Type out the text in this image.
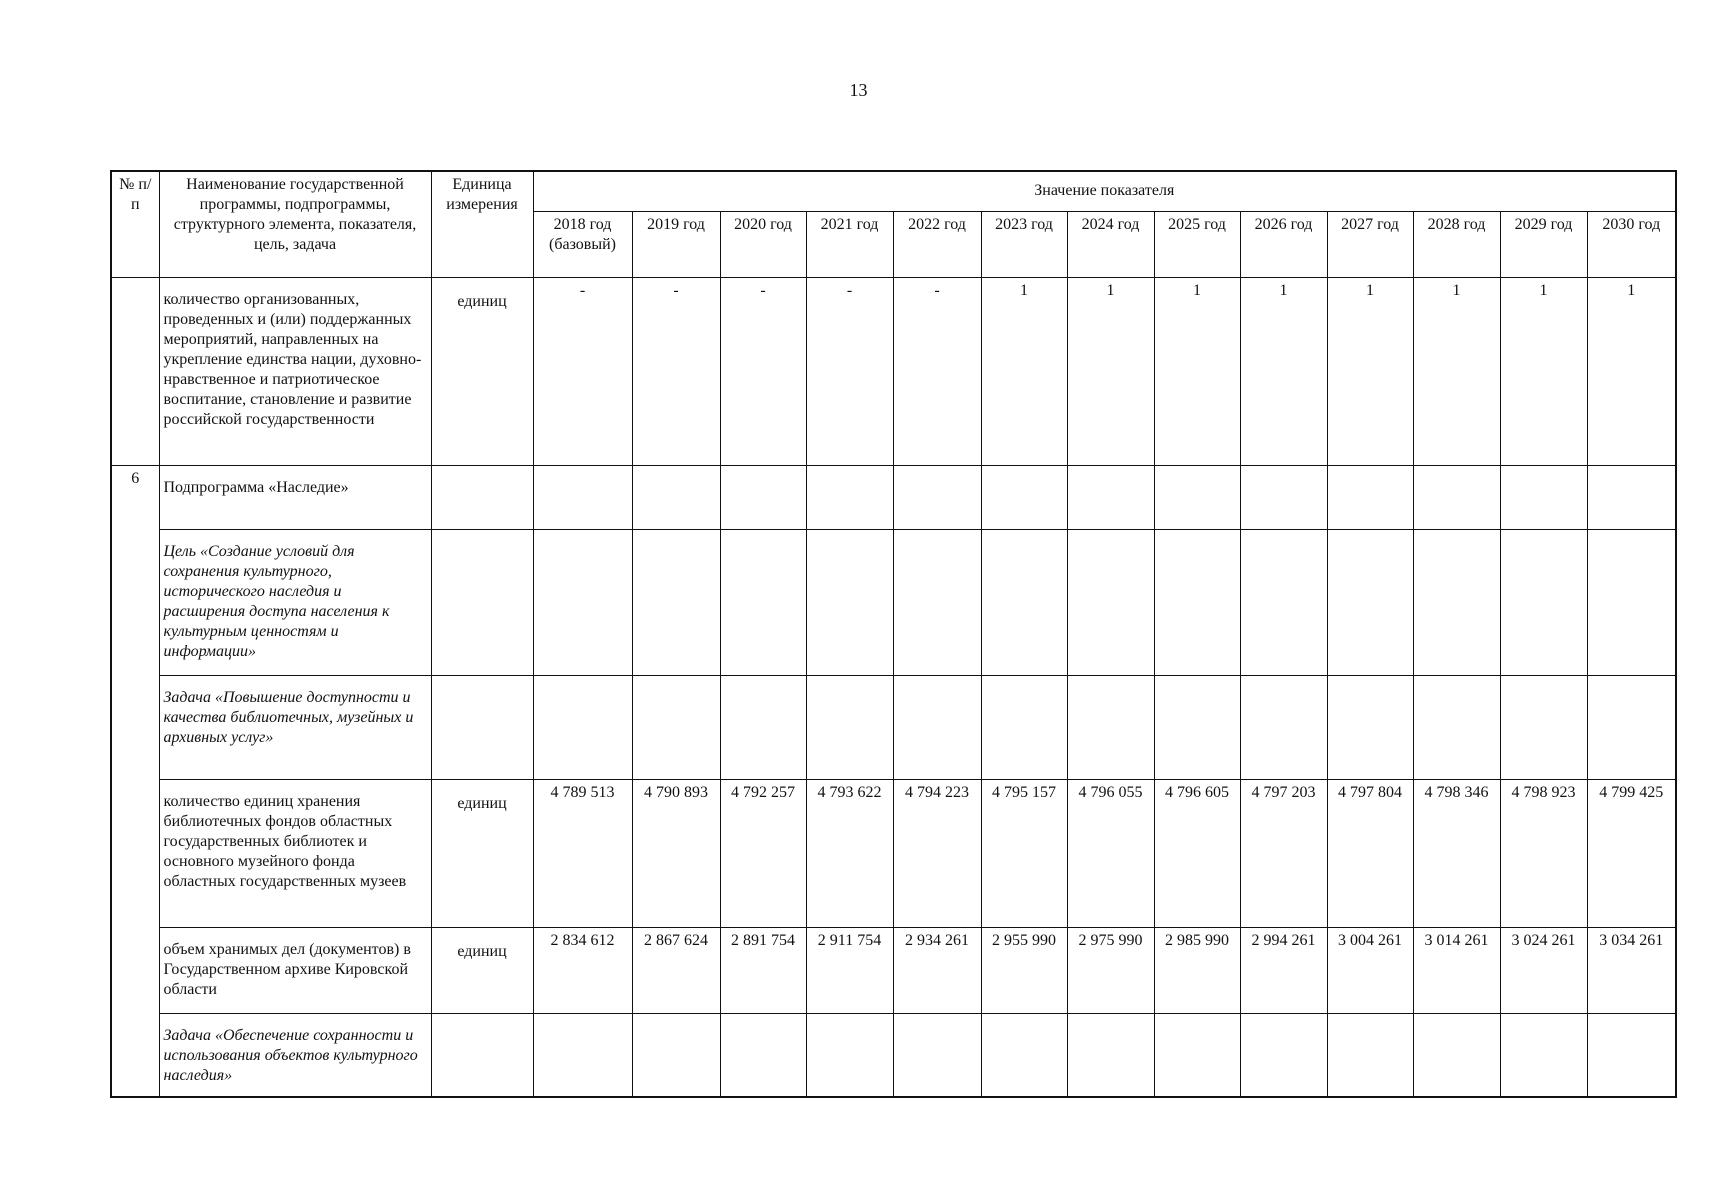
13
№ п/п	Наименование государственной программы, подпрограммы, структурного элемента, показателя, цель, задача	Единица измерения	Значение показателя												
			2018 год (базовый)	2019 год	2020 год	2021 год	2022 год	2023 год	2024 год	2025 год	2026 год	2027 год	2028 год	2029 год	2030 год
	количество организованных, проведенных и (или) поддержанных мероприятий, направленных на укрепление единства нации, духовно-нравственное и патриотическое воспитание, становление и развитие российской государственности	единиц	-	-	-	-	-	1	1	1	1	1	1	1	1
6	Подпрограмма «Наследие»														
	Цель «Создание условий для сохранения культурного, исторического наследия и расширения доступа населения к культурным ценностям и информации»														
	Задача «Повышение доступности и качества библиотечных, музейных и архивных услуг»														
	количество единиц хранения библиотечных фондов областных государственных библиотек и основного музейного фонда областных государственных музеев	единиц	4 789 513	4 790 893	4 792 257	4 793 622	4 794 223	4 795 157	4 796 055	4 796 605	4 797 203	4 797 804	4 798 346	4 798 923	4 799 425
	объем хранимых дел (документов) в Государственном архиве Кировской области	единиц	2 834 612	2 867 624	2 891 754	2 911 754	2 934 261	2 955 990	2 975 990	2 985 990	2 994 261	3 004 261	3 014 261	3 024 261	3 034 261
	Задача «Обеспечение сохранности и использования объектов культурного наследия»														
